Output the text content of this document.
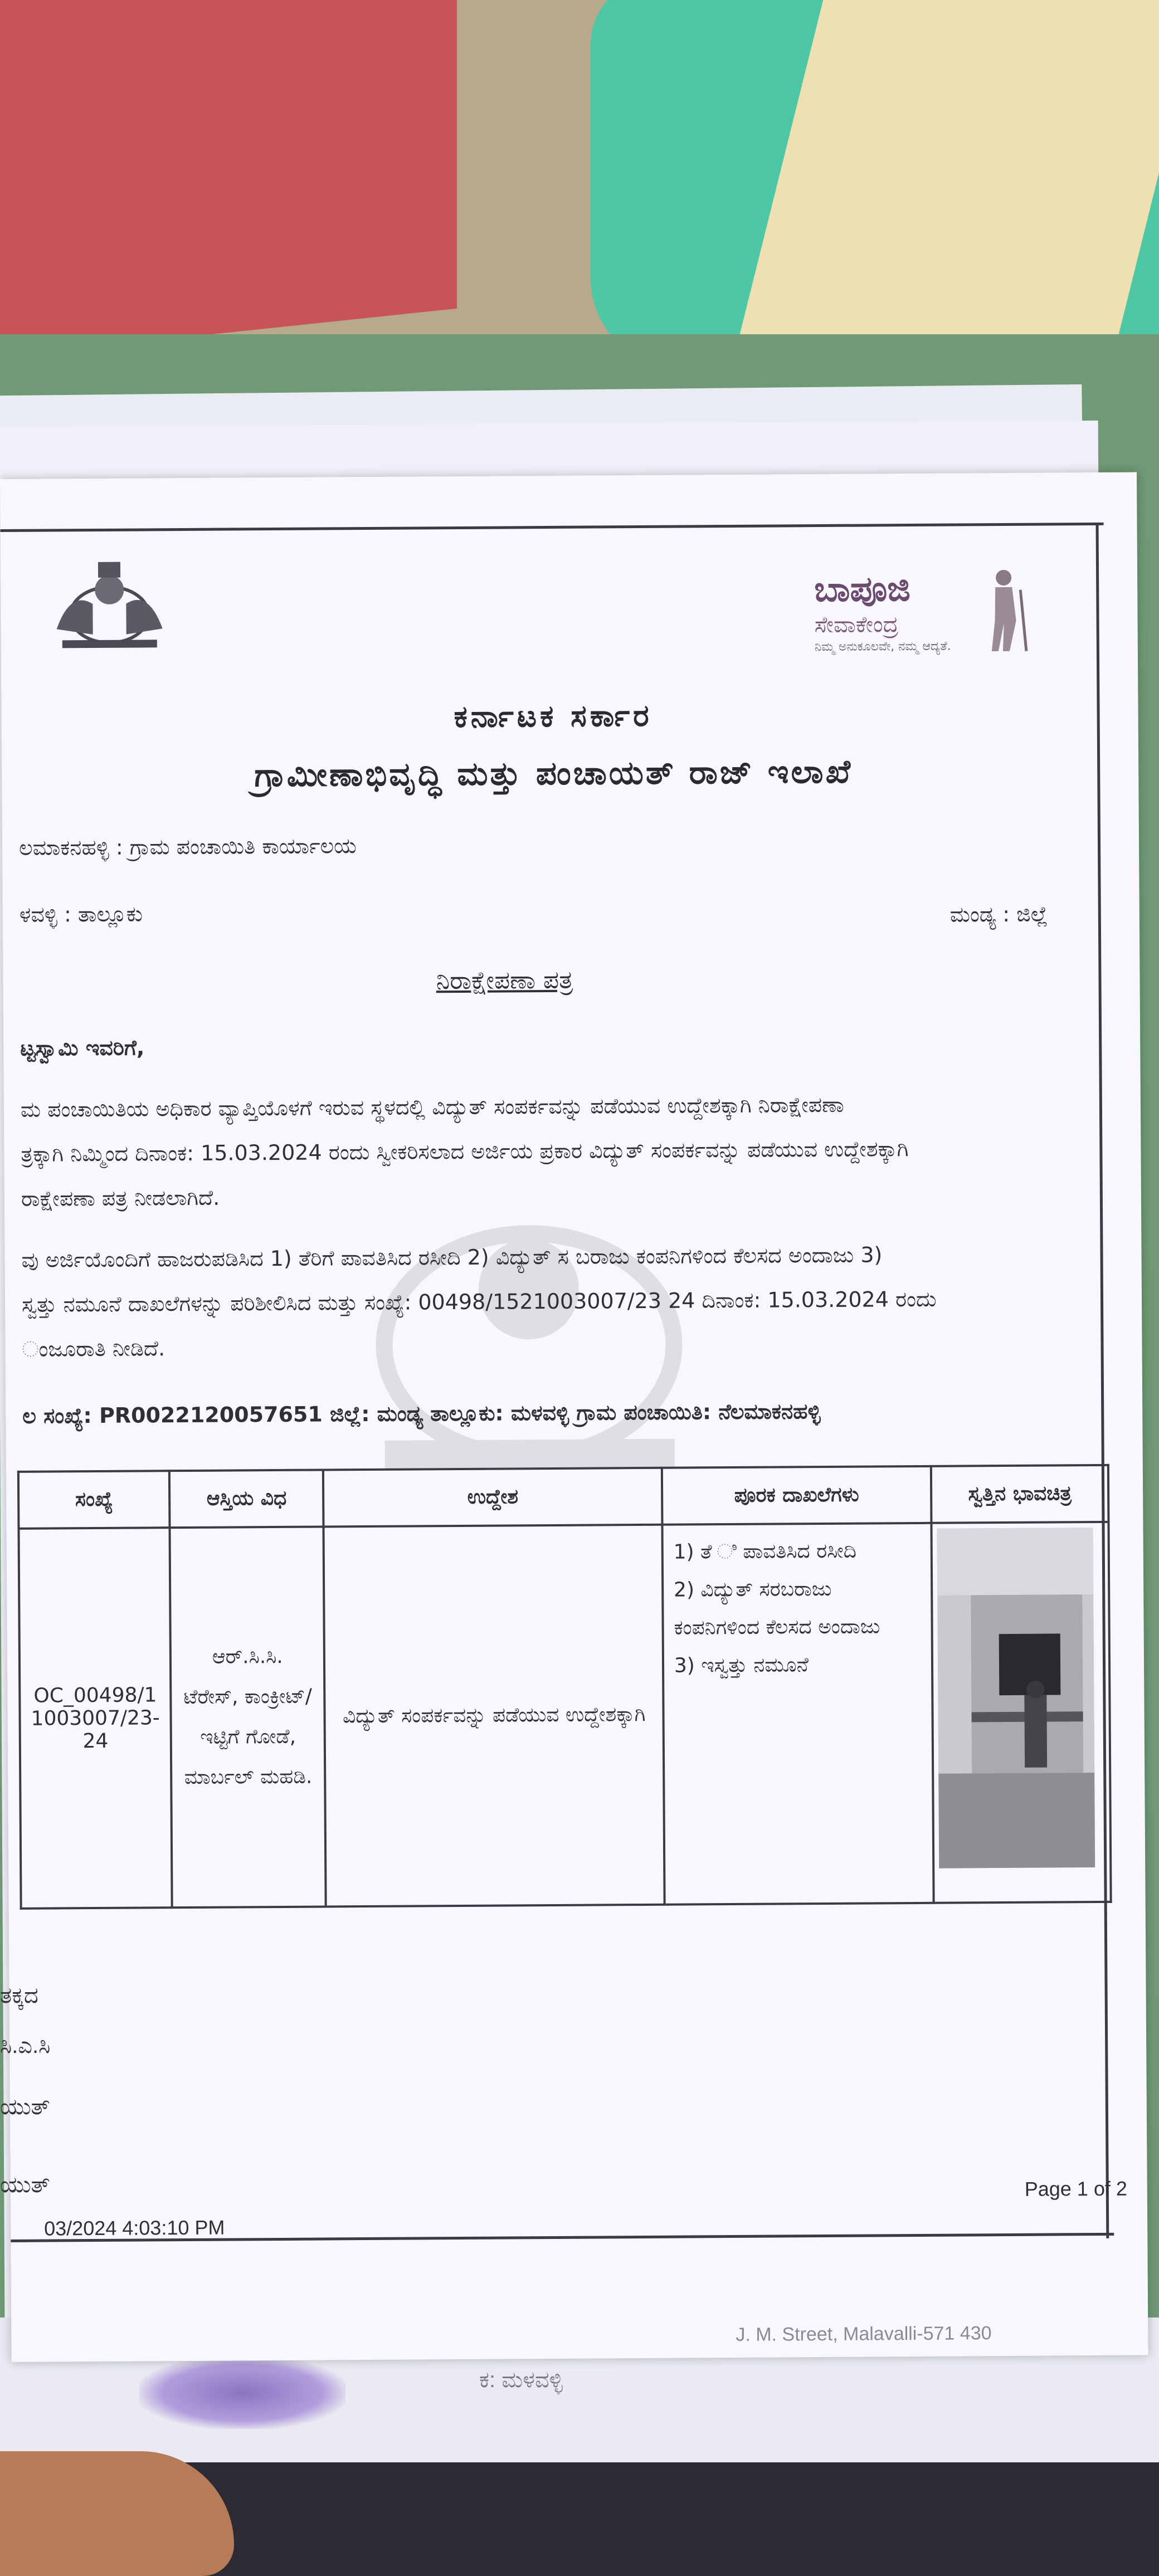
ಕ: ಮಳವಳ್ಳಿ
ಬಾಪೂಜಿ
ಸೇವಾಕೇಂದ್ರ
ನಿಮ್ಮ ಅನುಕೂಲವೇ, ನಮ್ಮ ಆದ್ಯತೆ.
ಕರ್ನಾಟಕ ಸರ್ಕಾರ
ಗ್ರಾಮೀಣಾಭಿವೃದ್ಧಿ ಮತ್ತು ಪಂಚಾಯತ್ ರಾಜ್ ಇಲಾಖೆ
ಲಮಾಕನಹಳ್ಳಿ : ಗ್ರಾಮ ಪಂಚಾಯಿತಿ ಕಾರ್ಯಾಲಯ
ಳವಳ್ಳಿ : ತಾಲ್ಲೂಕು	ಮಂಡ್ಯ : ಜಿಲ್ಲೆ
ನಿರಾಕ್ಷೇಪಣಾ ಪತ್ರ
ಟ್ಟಸ್ವಾಮಿ ಇವರಿಗೆ,
ಮ ಪಂಚಾಯಿತಿಯ ಅಧಿಕಾರ ವ್ಯಾಪ್ತಿಯೊಳಗೆ ಇರುವ ಸ್ಥಳದಲ್ಲಿ ವಿದ್ಯುತ್ ಸಂಪರ್ಕವನ್ನು ಪಡೆಯುವ ಉದ್ದೇಶಕ್ಕಾಗಿ ನಿರಾಕ್ಷೇಪಣಾ
ತ್ರಕ್ಕಾಗಿ ನಿಮ್ಮಿಂದ ದಿನಾಂಕ: 15.03.2024 ರಂದು ಸ್ವೀಕರಿಸಲಾದ ಅರ್ಜಿಯ ಪ್ರಕಾರ ವಿದ್ಯುತ್ ಸಂಪರ್ಕವನ್ನು ಪಡೆಯುವ ಉದ್ದೇಶಕ್ಕಾಗಿ
ರಾಕ್ಷೇಪಣಾ ಪತ್ರ ನೀಡಲಾಗಿದೆ.
ವು ಅರ್ಜಿಯೊಂದಿಗೆ ಹಾಜರುಪಡಿಸಿದ 1) ತೆರಿಗೆ ಪಾವತಿಸಿದ ರಸೀದಿ 2) ವಿದ್ಯುತ್ ಸ ಬರಾಜು ಕಂಪನಿಗಳಿಂದ ಕೆಲಸದ ಅಂದಾಜು 3)
ಸ್ವತ್ತು ನಮೂನೆ ದಾಖಲೆಗಳನ್ನು ಪರಿಶೀಲಿಸಿದ ಮತ್ತು ಸಂಖ್ಯೆ: 00498/1521003007/23 24 ದಿನಾಂಕ: 15.03.2024 ರಂದು
ಂಜೂರಾತಿ ನೀಡಿದೆ.
ಲ ಸಂಖ್ಯೆ: PR0022120057651 ಜಿಲ್ಲೆ: ಮಂಡ್ಯ ತಾಲ್ಲೂಕು: ಮಳವಳ್ಳಿ ಗ್ರಾಮ ಪಂಚಾಯಿತಿ: ನೆಲಮಾಕನಹಳ್ಳಿ
ಸಂಖ್ಯೆ	ಆಸ್ತಿಯ ವಿಧ	ಉದ್ದೇಶ	ಪೂರಕ ದಾಖಲೆಗಳು	ಸ್ವತ್ತಿನ ಭಾವಚಿತ್ರ
OC_00498/1 1003007/23- 24	ಆರ್.ಸಿ.ಸಿ. ಟೆರೇಸ್, ಕಾಂಕ್ರೀಟ್/ಇಟ್ಟಿಗೆ ಗೋಡೆ, ಮಾರ್ಬಲ್ ಮಹಡಿ.	ವಿದ್ಯುತ್ ಸಂಪರ್ಕವನ್ನು ಪಡೆಯುವ ಉದ್ದೇಶಕ್ಕಾಗಿ	1) ತೆ ಿ ಪಾವತಿಸಿದ ರಸೀದಿ
2) ವಿದ್ಯುತ್ ಸರಬರಾಜು ಕಂಪನಿಗಳಿಂದ ಕೆಲಸದ ಅಂದಾಜು
3) ಇಸ್ವತ್ತು ನಮೂನೆ

Page 1 of 2
03/2024 4:03:10 PM
J. M. Street, Malavalli-571 430
ತಕ್ಕದ
ಸಿ.ಎ.ಸಿ
ಯುತ್
ಯುತ್
